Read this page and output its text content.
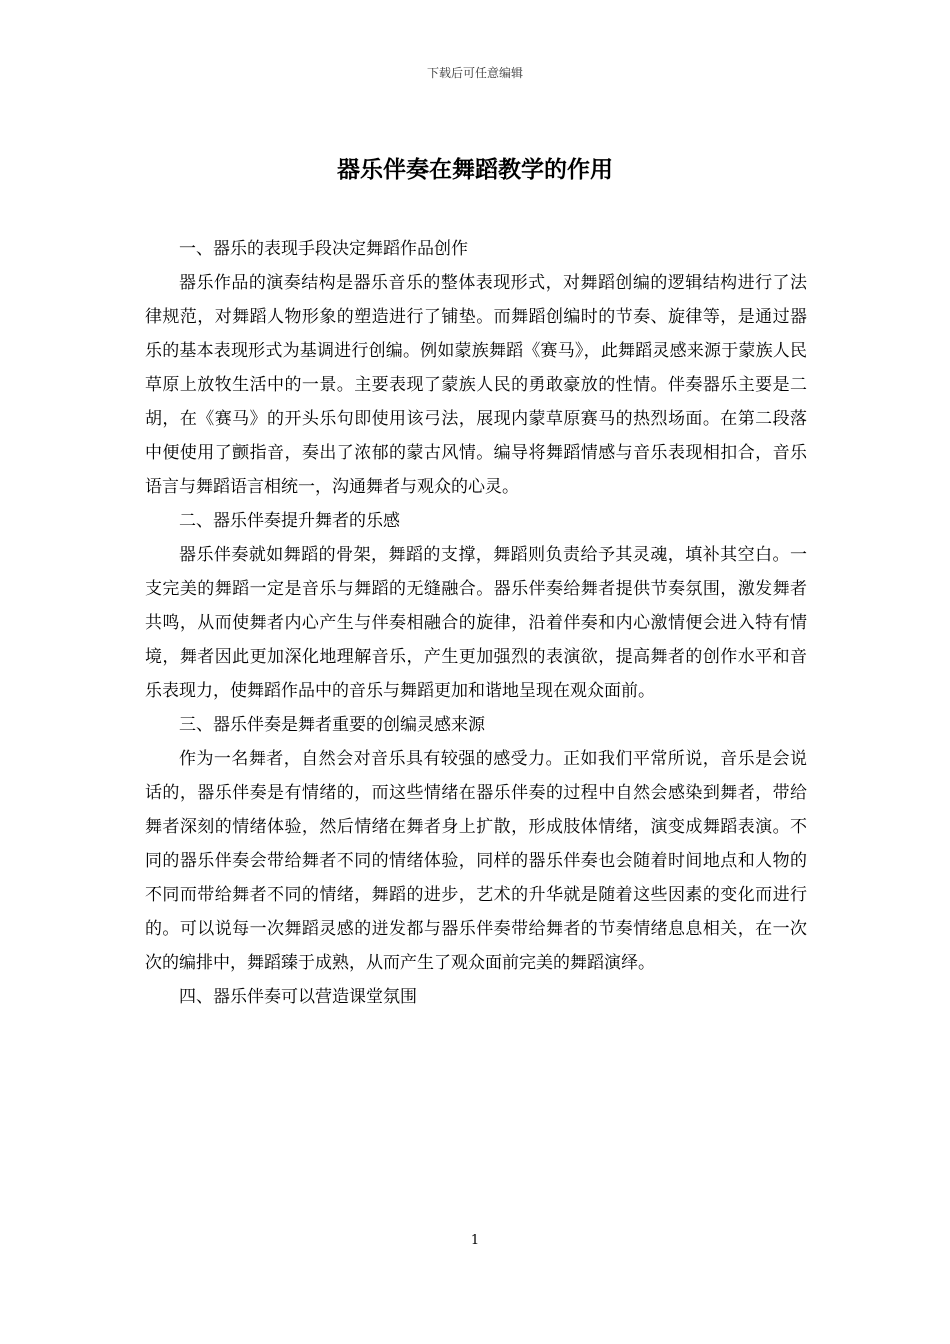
下载后可任意编辑
器乐伴奏在舞蹈教学的作用
一、器乐的表现手段决定舞蹈作品创作

器乐作品的演奏结构是器乐音乐的整体表现形式，对舞蹈创编的逻辑结构进行了法律规范，对舞蹈人物形象的塑造进行了铺垫。而舞蹈创编时的节奏、旋律等，是通过器乐的基本表现形式为基调进行创编。例如蒙族舞蹈《赛马》，此舞蹈灵感来源于蒙族人民草原上放牧生活中的一景。主要表现了蒙族人民的勇敢豪放的性情。伴奏器乐主要是二胡，在《赛马》的开头乐句即使用该弓法，展现内蒙草原赛马的热烈场面。在第二段落中便使用了颤指音，奏出了浓郁的蒙古风情。编导将舞蹈情感与音乐表现相扣合，音乐语言与舞蹈语言相统一，沟通舞者与观众的心灵。

二、器乐伴奏提升舞者的乐感

器乐伴奏就如舞蹈的骨架，舞蹈的支撑，舞蹈则负责给予其灵魂，填补其空白。一支完美的舞蹈一定是音乐与舞蹈的无缝融合。器乐伴奏给舞者提供节奏氛围，激发舞者共鸣，从而使舞者内心产生与伴奏相融合的旋律，沿着伴奏和内心激情便会进入特有情境，舞者因此更加深化地理解音乐，产生更加强烈的表演欲，提高舞者的创作水平和音乐表现力，使舞蹈作品中的音乐与舞蹈更加和谐地呈现在观众面前。

三、器乐伴奏是舞者重要的创编灵感来源

作为一名舞者，自然会对音乐具有较强的感受力。正如我们平常所说，音乐是会说话的，器乐伴奏是有情绪的，而这些情绪在器乐伴奏的过程中自然会感染到舞者，带给舞者深刻的情绪体验，然后情绪在舞者身上扩散，形成肢体情绪，演变成舞蹈表演。不同的器乐伴奏会带给舞者不同的情绪体验，同样的器乐伴奏也会随着时间地点和人物的不同而带给舞者不同的情绪，舞蹈的进步，艺术的升华就是随着这些因素的变化而进行的。可以说每一次舞蹈灵感的迸发都与器乐伴奏带给舞者的节奏情绪息息相关，在一次次的编排中，舞蹈臻于成熟，从而产生了观众面前完美的舞蹈演绎。

四、器乐伴奏可以营造课堂氛围
1
